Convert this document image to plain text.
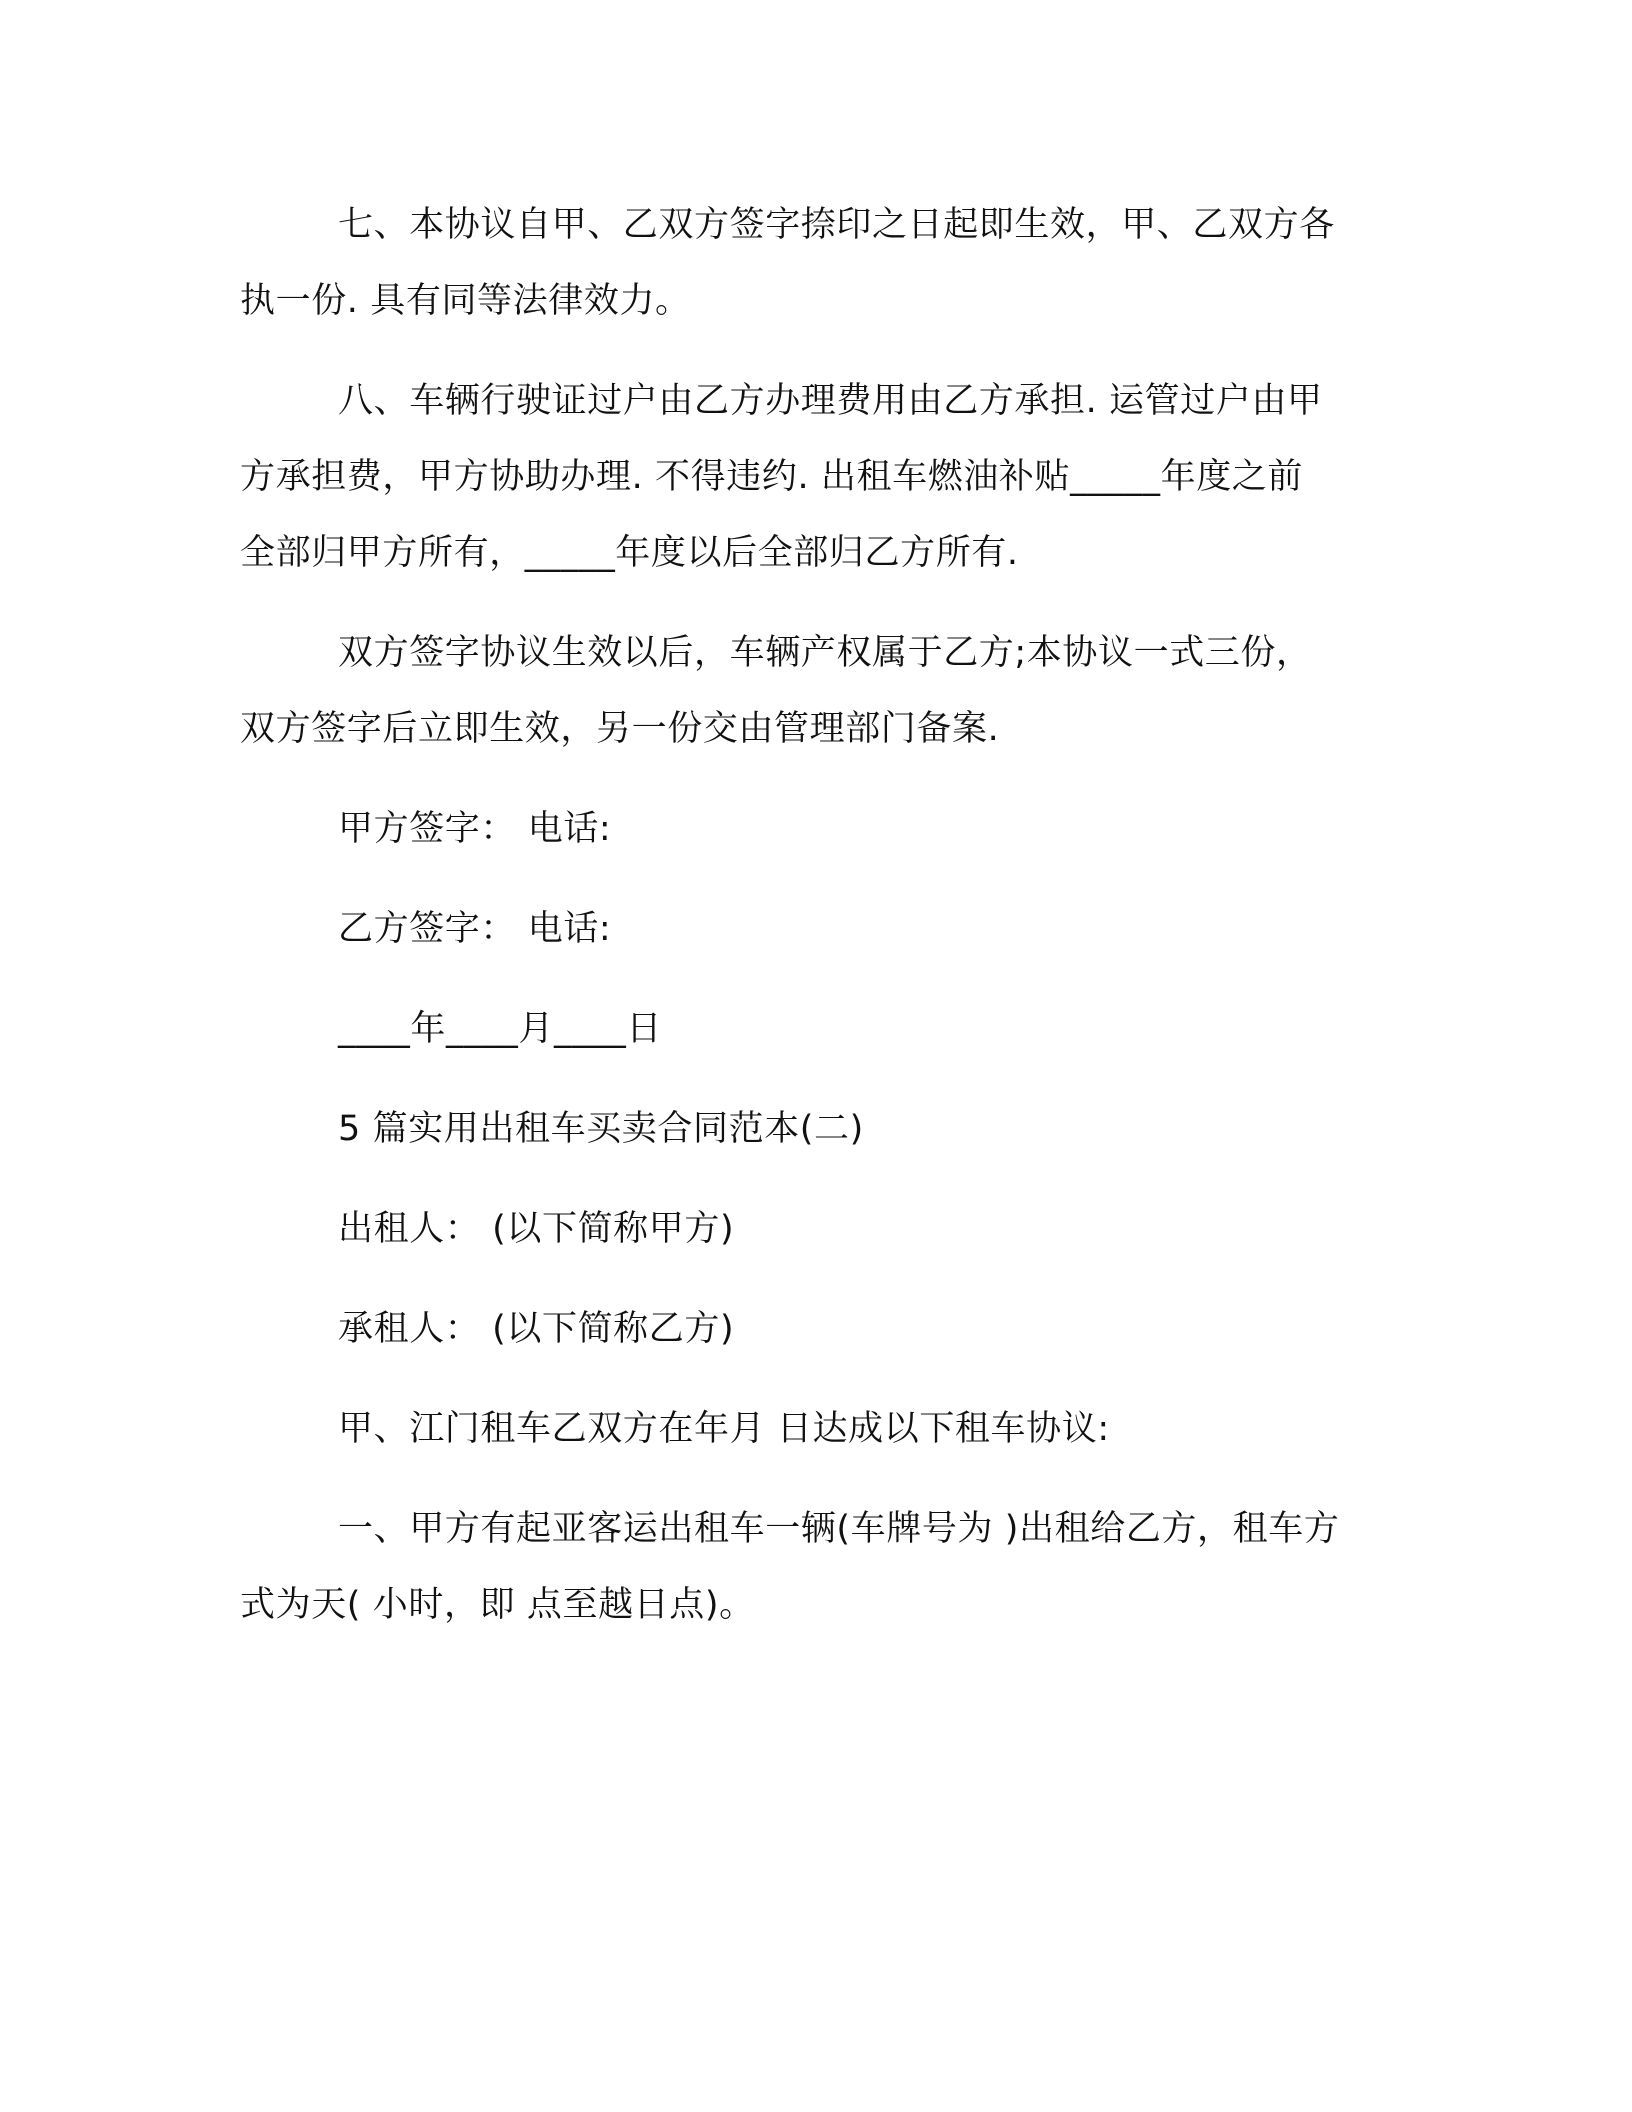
七、本协议自甲、乙双方签字捺印之日起即生效，甲、乙双方各
执一份. 具有同等法律效力。

八、车辆行驶证过户由乙方办理费用由乙方承担. 运管过户由甲
方承担费，甲方协助办理. 不得违约. 出租车燃油补贴_____年度之前
全部归甲方所有，_____年度以后全部归乙方所有.

双方签字协议生效以后，车辆产权属于乙方;本协议一式三份，
双方签字后立即生效，另一份交由管理部门备案.

甲方签字： 电话:

乙方签字： 电话:

____年____月____日

5 篇实用出租车买卖合同范本(二)

出租人： (以下简称甲方)

承租人： (以下简称乙方)

甲、江门租车乙双方在年月 日达成以下租车协议:

一、甲方有起亚客运出租车一辆(车牌号为 )出租给乙方，租车方
式为天( 小时，即 点至越日点)。
